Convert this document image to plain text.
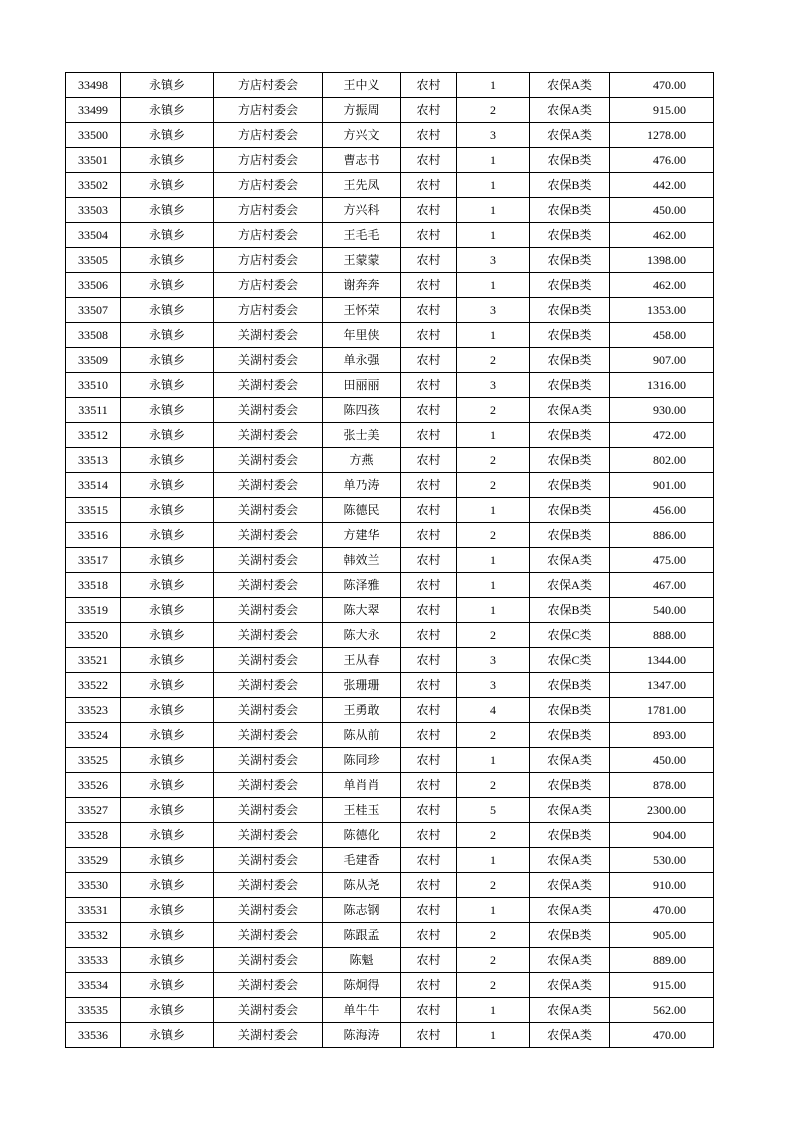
33498	永镇乡	方店村委会	王中义	农村	1	农保A类	470.00
33499	永镇乡	方店村委会	方振周	农村	2	农保A类	915.00
33500	永镇乡	方店村委会	方兴文	农村	3	农保A类	1278.00
33501	永镇乡	方店村委会	曹志书	农村	1	农保B类	476.00
33502	永镇乡	方店村委会	王先凤	农村	1	农保B类	442.00
33503	永镇乡	方店村委会	方兴科	农村	1	农保B类	450.00
33504	永镇乡	方店村委会	王毛毛	农村	1	农保B类	462.00
33505	永镇乡	方店村委会	王蒙蒙	农村	3	农保B类	1398.00
33506	永镇乡	方店村委会	谢奔奔	农村	1	农保B类	462.00
33507	永镇乡	方店村委会	王怀荣	农村	3	农保B类	1353.00
33508	永镇乡	关湖村委会	年里侠	农村	1	农保B类	458.00
33509	永镇乡	关湖村委会	单永强	农村	2	农保B类	907.00
33510	永镇乡	关湖村委会	田丽丽	农村	3	农保B类	1316.00
33511	永镇乡	关湖村委会	陈四孩	农村	2	农保A类	930.00
33512	永镇乡	关湖村委会	张士美	农村	1	农保B类	472.00
33513	永镇乡	关湖村委会	方燕	农村	2	农保B类	802.00
33514	永镇乡	关湖村委会	单乃涛	农村	2	农保B类	901.00
33515	永镇乡	关湖村委会	陈德民	农村	1	农保B类	456.00
33516	永镇乡	关湖村委会	方建华	农村	2	农保B类	886.00
33517	永镇乡	关湖村委会	韩效兰	农村	1	农保A类	475.00
33518	永镇乡	关湖村委会	陈泽雅	农村	1	农保A类	467.00
33519	永镇乡	关湖村委会	陈大翠	农村	1	农保B类	540.00
33520	永镇乡	关湖村委会	陈大永	农村	2	农保C类	888.00
33521	永镇乡	关湖村委会	王从春	农村	3	农保C类	1344.00
33522	永镇乡	关湖村委会	张珊珊	农村	3	农保B类	1347.00
33523	永镇乡	关湖村委会	王勇敢	农村	4	农保B类	1781.00
33524	永镇乡	关湖村委会	陈从前	农村	2	农保B类	893.00
33525	永镇乡	关湖村委会	陈同珍	农村	1	农保A类	450.00
33526	永镇乡	关湖村委会	单肖肖	农村	2	农保B类	878.00
33527	永镇乡	关湖村委会	王桂玉	农村	5	农保A类	2300.00
33528	永镇乡	关湖村委会	陈德化	农村	2	农保B类	904.00
33529	永镇乡	关湖村委会	毛建香	农村	1	农保A类	530.00
33530	永镇乡	关湖村委会	陈从尧	农村	2	农保A类	910.00
33531	永镇乡	关湖村委会	陈志钢	农村	1	农保A类	470.00
33532	永镇乡	关湖村委会	陈跟孟	农村	2	农保B类	905.00
33533	永镇乡	关湖村委会	陈魁	农村	2	农保A类	889.00
33534	永镇乡	关湖村委会	陈炯得	农村	2	农保A类	915.00
33535	永镇乡	关湖村委会	单牛牛	农村	1	农保A类	562.00
33536	永镇乡	关湖村委会	陈海涛	农村	1	农保A类	470.00
